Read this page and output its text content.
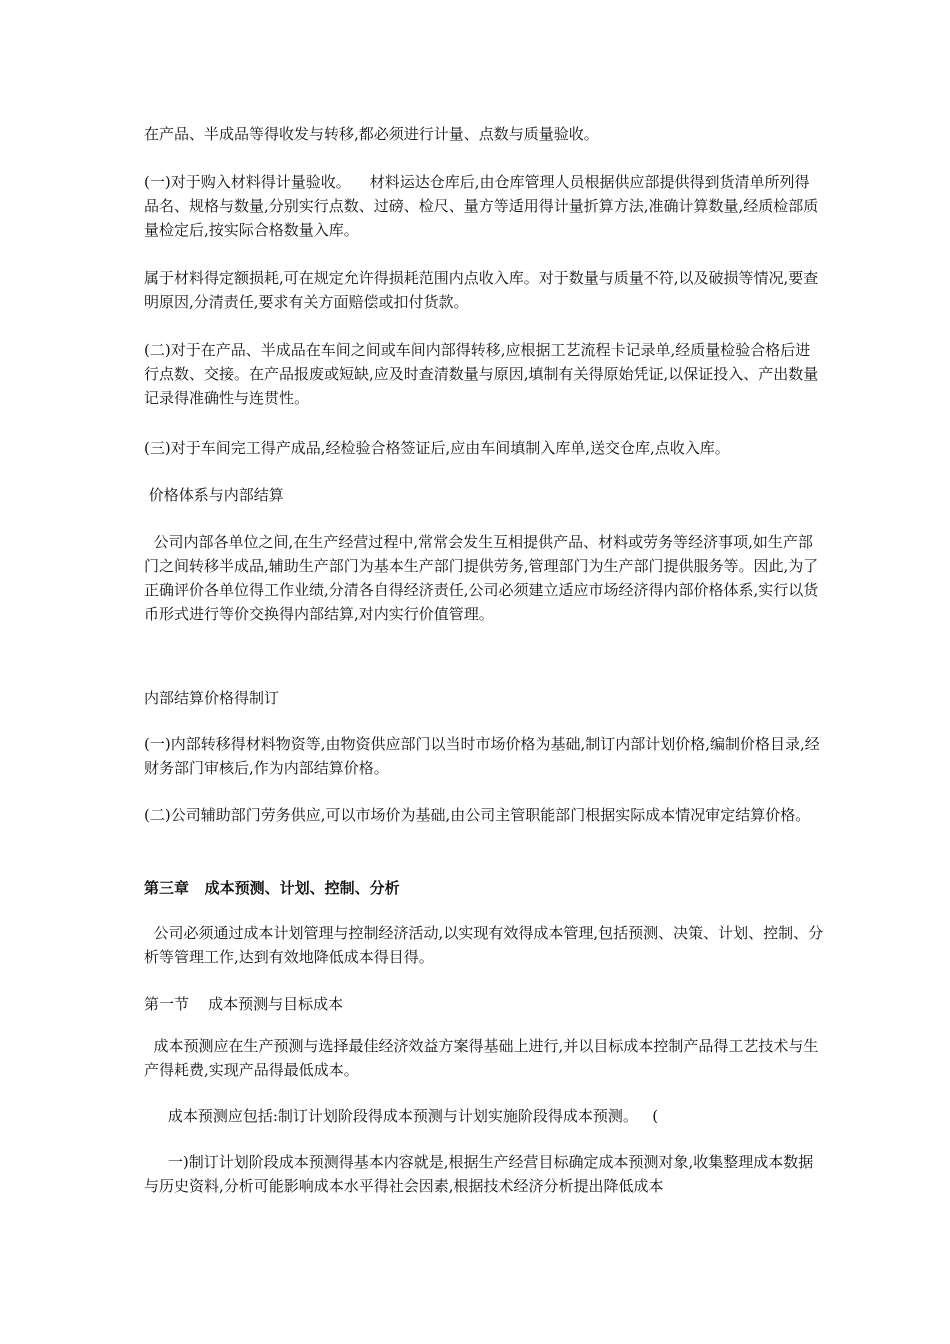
在产品、半成品等得收发与转移,都必须进行计量、点数与质量验收。

(一)对于购入材料得计量验收。    材料运达仓库后,由仓库管理人员根据供应部提供得到货清单所列得品名、规格与数量,分别实行点数、过磅、检尺、量方等适用得计量折算方法,准确计算数量,经质检部质量检定后,按实际合格数量入库。

属于材料得定额损耗,可在规定允许得损耗范围内点收入库。对于数量与质量不符,以及破损等情况,要查明原因,分清责任,要求有关方面赔偿或扣付货款。

(二)对于在产品、半成品在车间之间或车间内部得转移,应根据工艺流程卡记录单,经质量检验合格后进行点数、交接。在产品报废或短缺,应及时查清数量与原因,填制有关得原始凭证,以保证投入、产出数量记录得准确性与连贯性。

(三)对于车间完工得产成品,经检验合格签证后,应由车间填制入库单,送交仓库,点收入库。

价格体系与内部结算

公司内部各单位之间,在生产经营过程中,常常会发生互相提供产品、材料或劳务等经济事项,如生产部门之间转移半成品,辅助生产部门为基本生产部门提供劳务,管理部门为生产部门提供服务等。因此,为了正确评价各单位得工作业绩,分清各自得经济责任,公司必须建立适应市场经济得内部价格体系,实行以货币形式进行等价交换得内部结算,对内实行价值管理。

内部结算价格得制订

(一)内部转移得材料物资等,由物资供应部门以当时市场价格为基础,制订内部计划价格,编制价格目录,经财务部门审核后,作为内部结算价格。

(二)公司辅助部门劳务供应,可以市场价为基础,由公司主管职能部门根据实际成本情况审定结算价格。

第三章   成本预测、计划、控制、分析

公司必须通过成本计划管理与控制经济活动,以实现有效得成本管理,包括预测、决策、计划、控制、分析等管理工作,达到有效地降低成本得目得。

第一节    成本预测与目标成本

成本预测应在生产预测与选择最佳经济效益方案得基础上进行,并以目标成本控制产品得工艺技术与生产得耗费,实现产品得最低成本。

成本预测应包括:制订计划阶段得成本预测与计划实施阶段得成本预测。   (

一)制订计划阶段成本预测得基本内容就是,根据生产经营目标确定成本预测对象,收集整理成本数据与历史资料,分析可能影响成本水平得社会因素,根据技术经济分析提出降低成本
